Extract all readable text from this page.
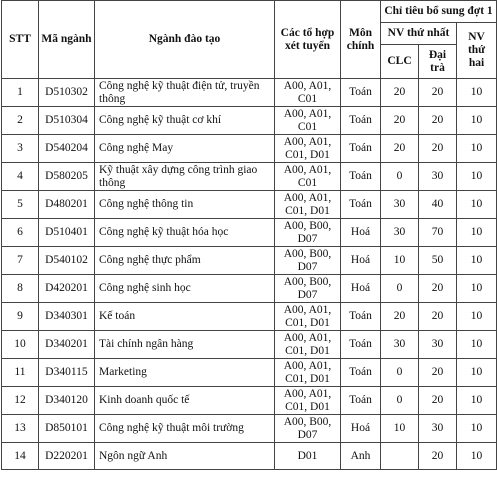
STT	Mã ngành	Ngành đào tạo	Các tổ hợp xét tuyển	Môn chính	Chỉ tiêu bổ sung đợt 1		
					NV thứ nhất		NV thứ hai
					CLC	Đại trà	
1	D510302	Công nghệ kỹ thuật điện tử, truyền thông	A00, A01, C01	Toán	20	20	10
2	D510304	Công nghệ kỹ thuật cơ khí	A00, A01, C01	Toán	20	20	10
3	D540204	Công nghệ May	A00, A01, C01, D01	Toán	20	20	10
4	D580205	Kỹ thuật xây dựng công trình giao thông	A00, A01, C01	Toán	0	30	10
5	D480201	Công nghệ thông tin	A00, A01, C01, D01	Toán	30	40	10
6	D510401	Công nghệ kỹ thuật hóa học	A00, B00, D07	Hoá	30	70	10
7	D540102	Công nghệ thực phẩm	A00, B00, D07	Hoá	10	50	10
8	D420201	Công nghệ sinh học	A00, B00, D07	Hoá	0	20	10
9	D340301	Kế toán	A00, A01, C01, D01	Toán	20	20	10
10	D340201	Tài chính ngân hàng	A00, A01, C01, D01	Toán	30	30	10
11	D340115	Marketing	A00, A01, C01, D01	Toán	0	20	10
12	D340120	Kinh doanh quốc tế	A00, A01, C01, D01	Toán	0	20	10
13	D850101	Công nghệ kỹ thuật môi trường	A00, B00, D07	Hoá	10	30	10
14	D220201	Ngôn ngữ Anh	D01	Anh		20	10
